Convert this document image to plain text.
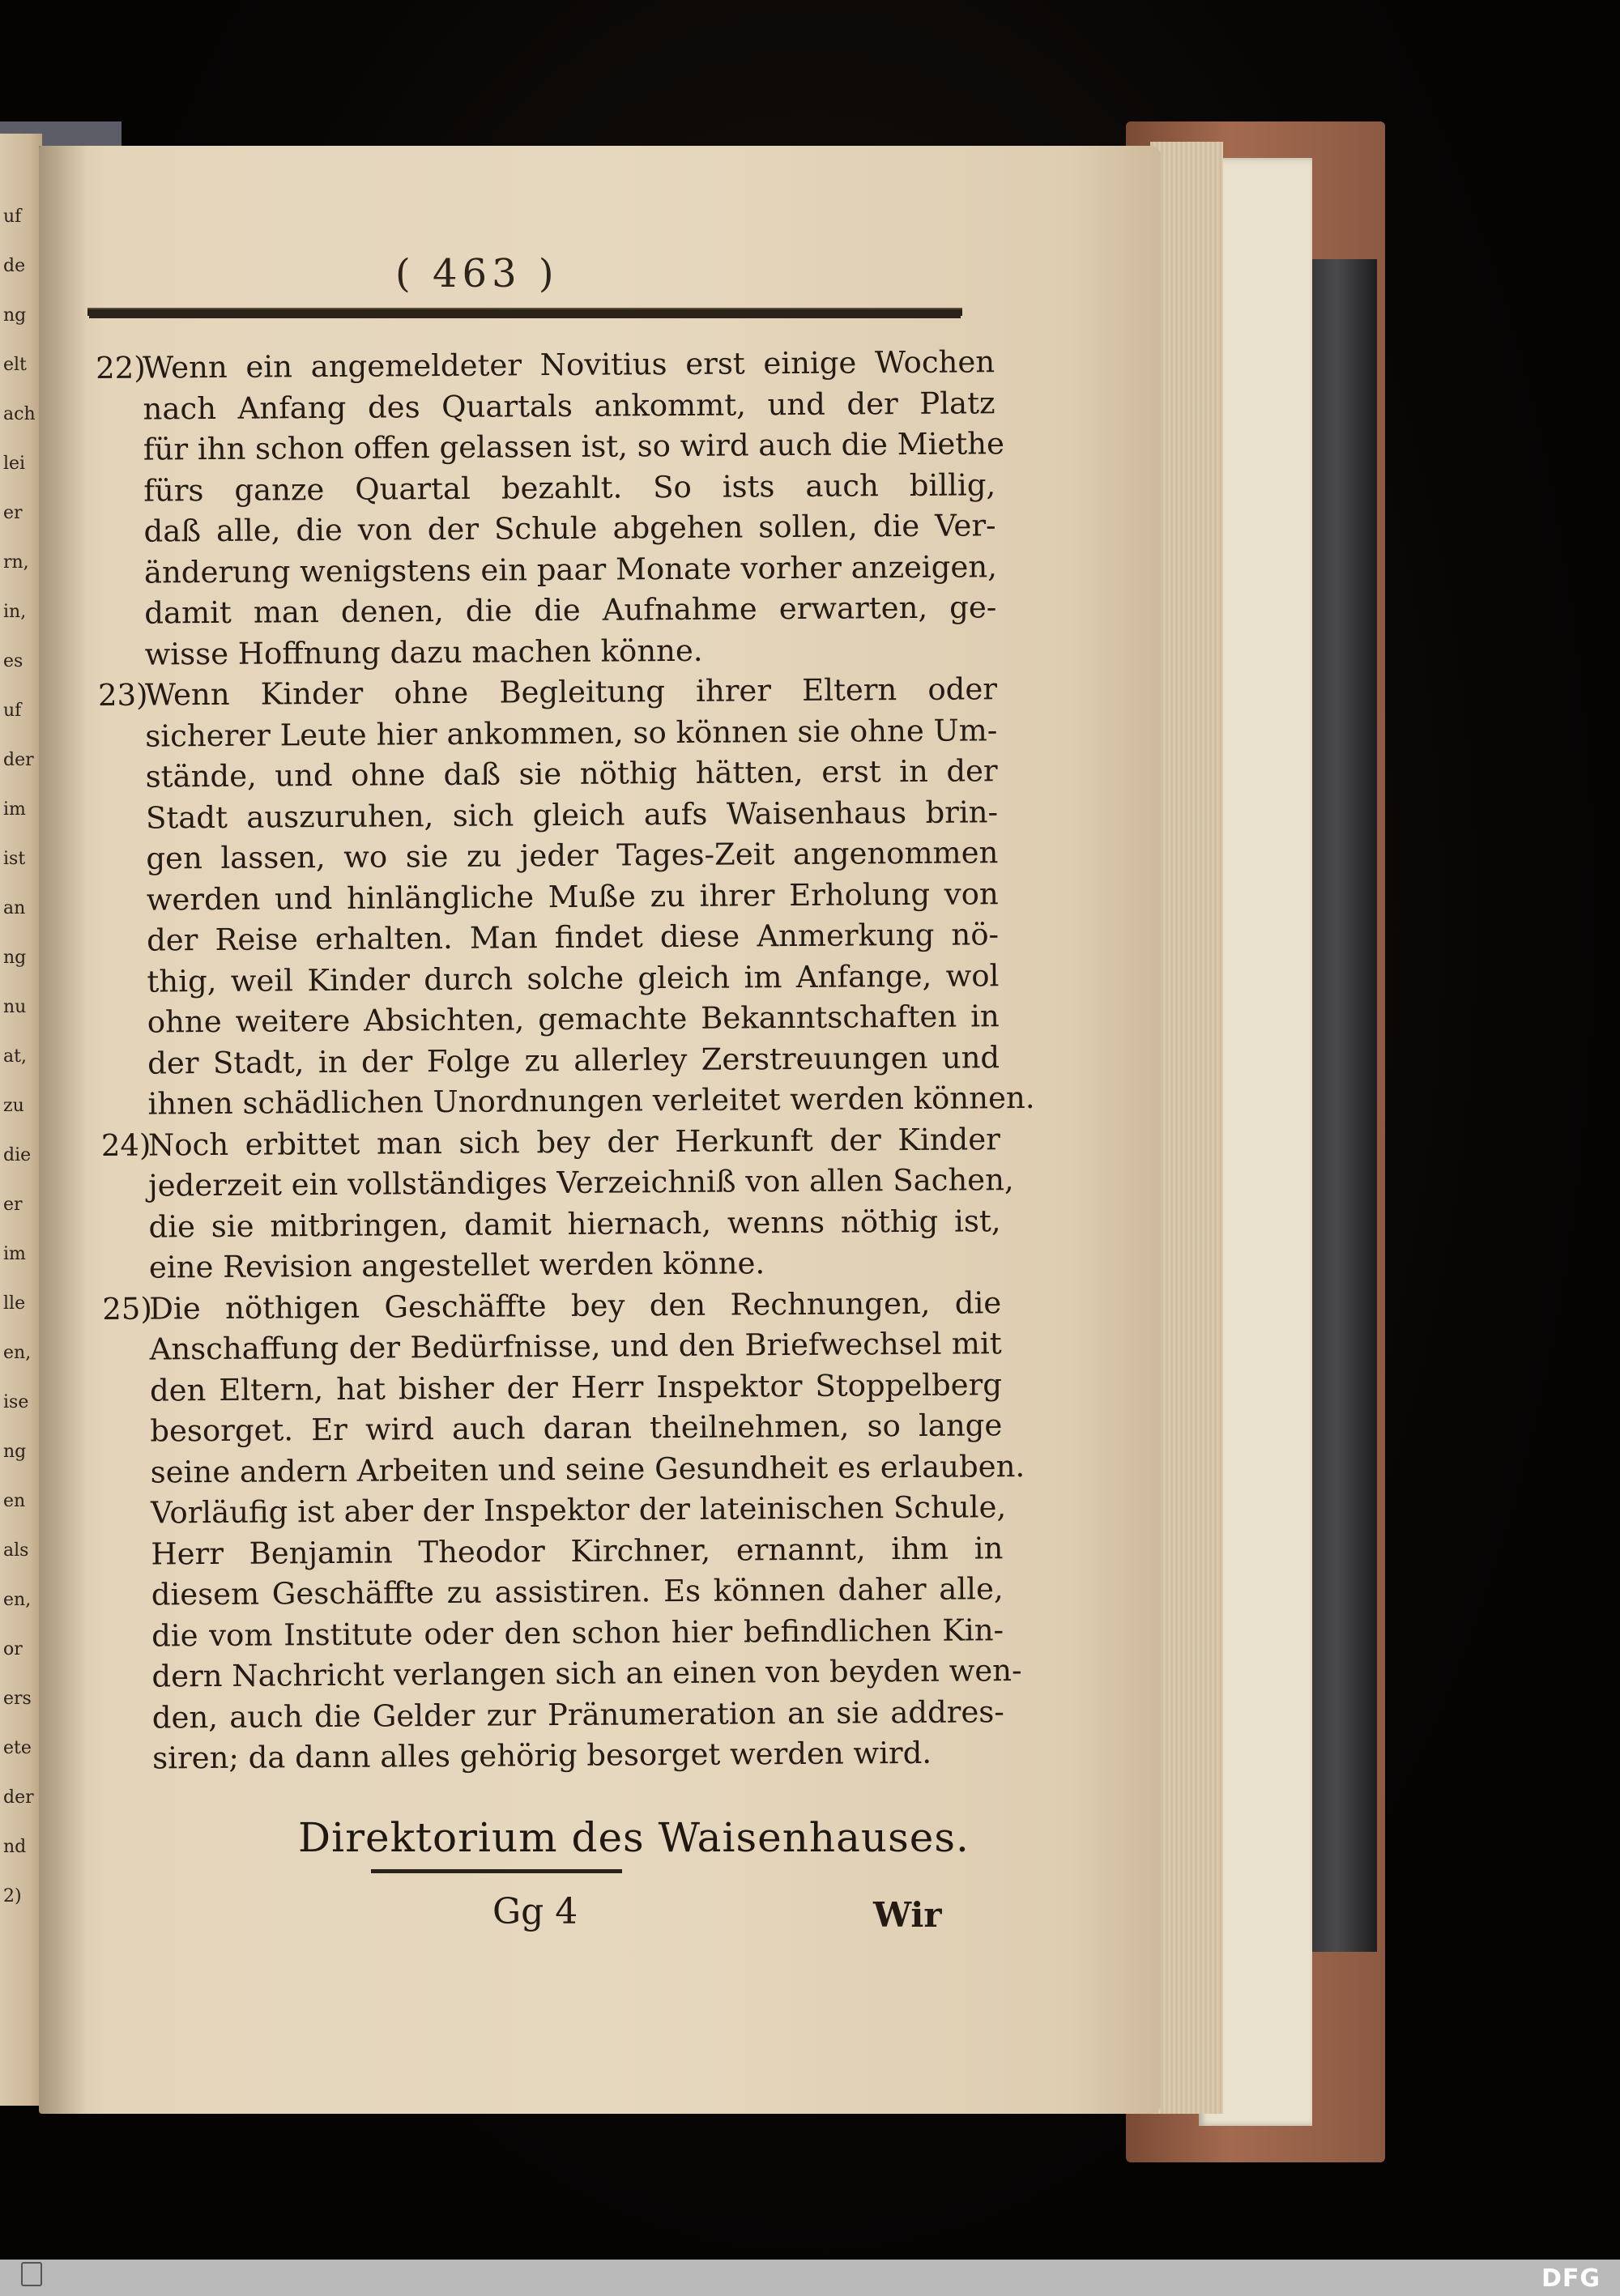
uf
de
ng
elt
ach
lei
er
rn,
in,
es
uf
der
im
ist
an
ng
nu
at,
zu
die
er
im
lle
en,
ise
ng
en
als
en,
or
ers
ete
der
nd
2)
( 463 )
22)
Wenn ein angemeldeter Novitius erst einige Wochen
nach Anfang des Quartals ankommt, und der Platz
für ihn schon offen gelassen ist, so wird auch die Miethe
fürs ganze Quartal bezahlt. So ists auch billig,
daß alle, die von der Schule abgehen sollen, die Ver‑
änderung wenigstens ein paar Monate vorher anzeigen,
damit man denen, die die Aufnahme erwarten, ge‑
wisse Hoffnung dazu machen könne.
23)
Wenn Kinder ohne Begleitung ihrer Eltern oder
sicherer Leute hier ankommen, so können sie ohne Um‑
stände, und ohne daß sie nöthig hätten, erst in der
Stadt auszuruhen, sich gleich aufs Waisenhaus brin‑
gen lassen, wo sie zu jeder Tages‑Zeit angenommen
werden und hinlängliche Muße zu ihrer Erholung von
der Reise erhalten. Man findet diese Anmerkung nö‑
thig, weil Kinder durch solche gleich im Anfange, wol
ohne weitere Absichten, gemachte Bekanntschaften in
der Stadt, in der Folge zu allerley Zerstreuungen und
ihnen schädlichen Unordnungen verleitet werden können.
24)
Noch erbittet man sich bey der Herkunft der Kinder
jederzeit ein vollständiges Verzeichniß von allen Sachen,
die sie mitbringen, damit hiernach, wenns nöthig ist,
eine Revision angestellet werden könne.
25)
Die nöthigen Geschäffte bey den Rechnungen, die
Anschaffung der Bedürfnisse, und den Briefwechsel mit
den Eltern, hat bisher der Herr Inspektor Stoppelberg
besorget. Er wird auch daran theilnehmen, so lange
seine andern Arbeiten und seine Gesundheit es erlauben.
Vorläufig ist aber der Inspektor der lateinischen Schule,
Herr Benjamin Theodor Kirchner, ernannt, ihm in
diesem Geschäffte zu assistiren. Es können daher alle,
die vom Institute oder den schon hier befindlichen Kin‑
dern Nachricht verlangen sich an einen von beyden wen‑
den, auch die Gelder zur Pränumeration an sie addres‑
siren; da dann alles gehörig besorget werden wird.
Direktorium des Waisenhauses.
Gg 4	Wir
DFG
